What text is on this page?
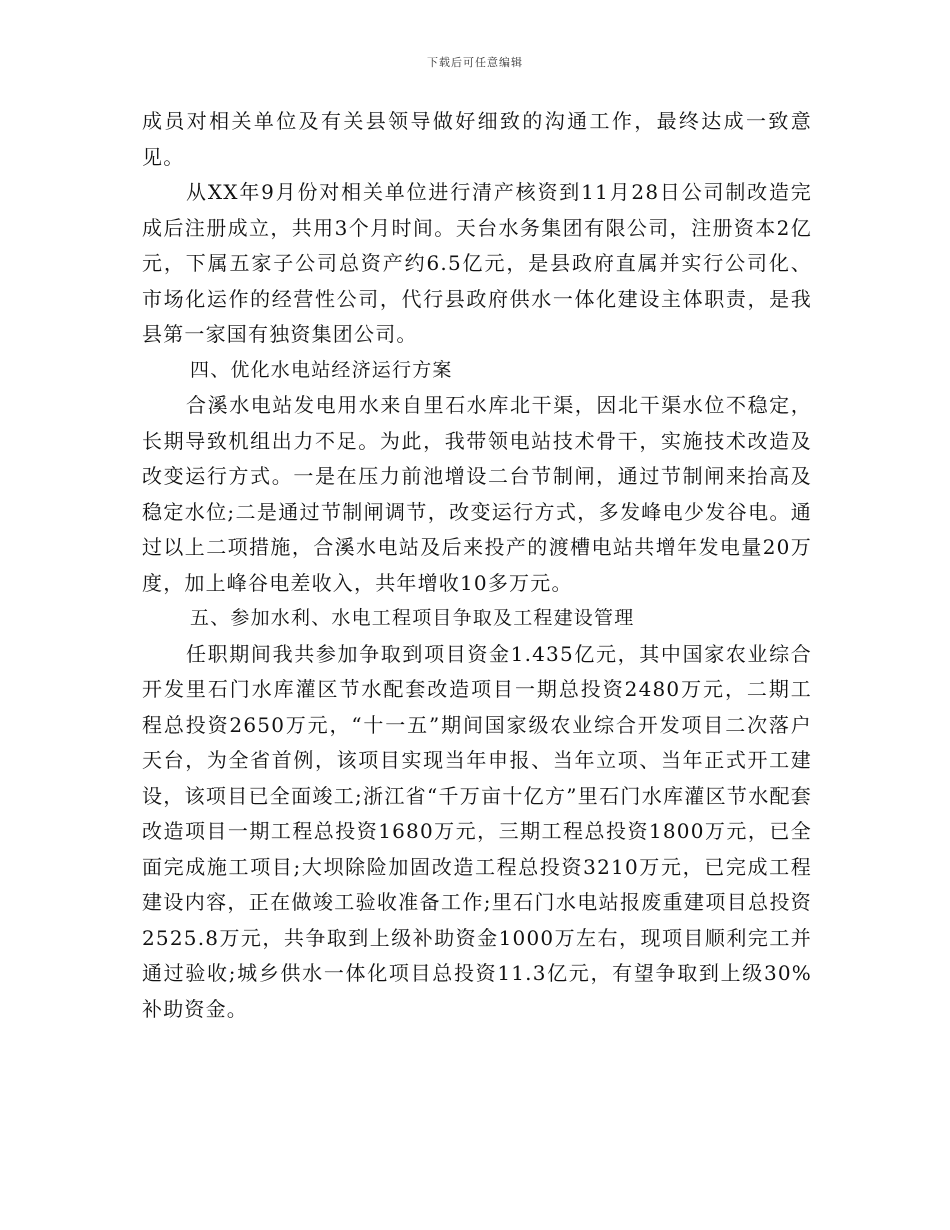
下载后可任意编辑

成员对相关单位及有关县领导做好细致的沟通工作，最终达成一致意见。

从XX年9月份对相关单位进行清产核资到11月28日公司制改造完成后注册成立，共用3个月时间。天台水务集团有限公司，注册资本2亿元，下属五家子公司总资产约6.5亿元，是县政府直属并实行公司化、市场化运作的经营性公司，代行县政府供水一体化建设主体职责，是我县第一家国有独资集团公司。

四、优化水电站经济运行方案

合溪水电站发电用水来自里石水库北干渠，因北干渠水位不稳定，长期导致机组出力不足。为此，我带领电站技术骨干，实施技术改造及改变运行方式。一是在压力前池增设二台节制闸，通过节制闸来抬高及稳定水位;二是通过节制闸调节，改变运行方式，多发峰电少发谷电。通过以上二项措施，合溪水电站及后来投产的渡槽电站共增年发电量20万度，加上峰谷电差收入，共年增收10多万元。

五、参加水利、水电工程项目争取及工程建设管理

任职期间我共参加争取到项目资金1.435亿元，其中国家农业综合开发里石门水库灌区节水配套改造项目一期总投资2480万元，二期工程总投资2650万元，“十一五”期间国家级农业综合开发项目二次落户天台，为全省首例，该项目实现当年申报、当年立项、当年正式开工建设，该项目已全面竣工;浙江省“千万亩十亿方”里石门水库灌区节水配套改造项目一期工程总投资1680万元，三期工程总投资1800万元，已全面完成施工项目;大坝除险加固改造工程总投资3210万元，已完成工程建设内容，正在做竣工验收准备工作;里石门水电站报废重建项目总投资2525.8万元，共争取到上级补助资金1000万左右，现项目顺利完工并通过验收;城乡供水一体化项目总投资11.3亿元，有望争取到上级30%补助资金。
